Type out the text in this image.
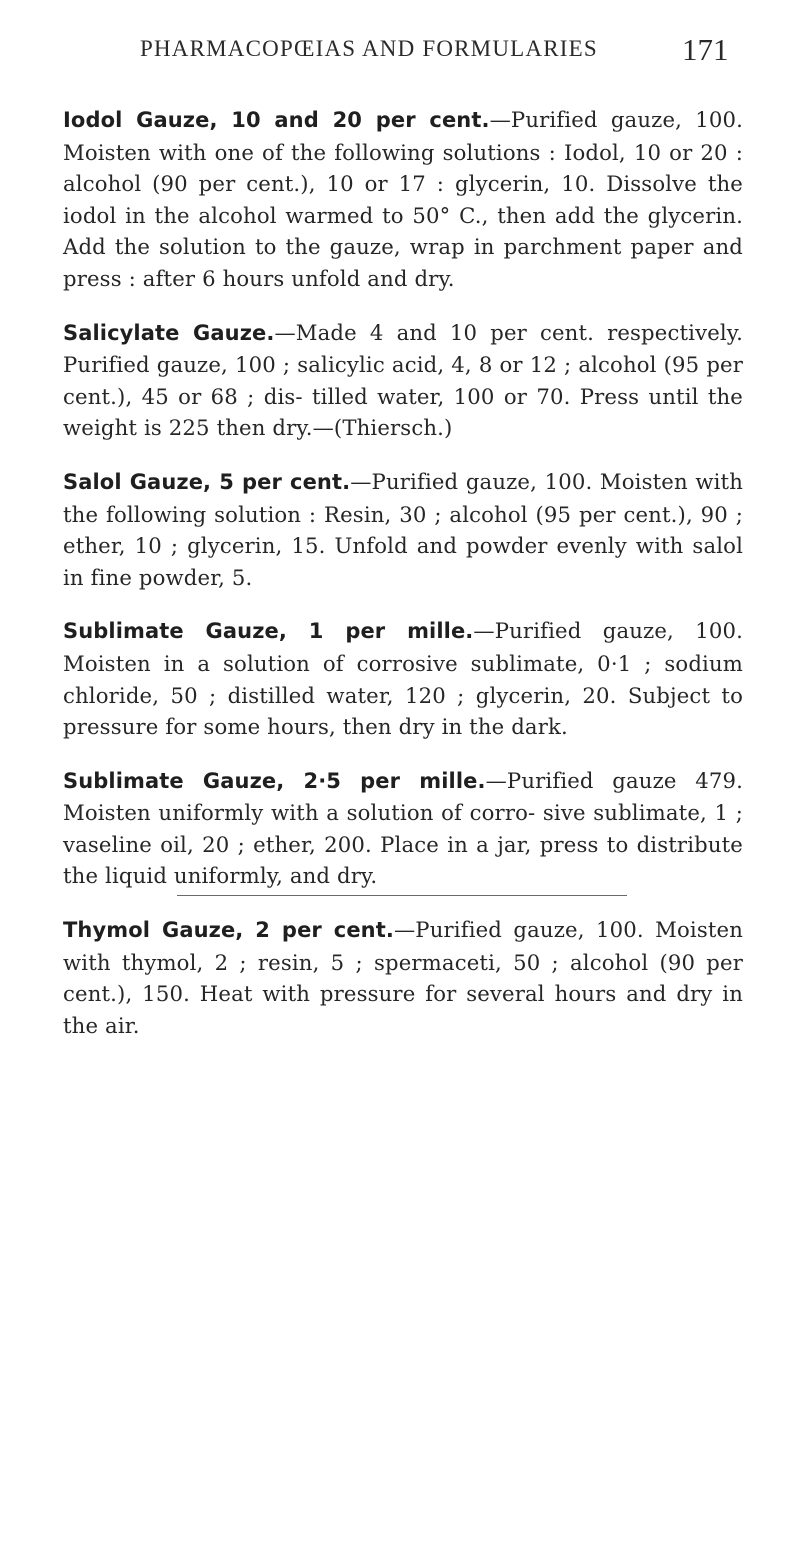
PHARMACOPŒIAS AND FORMULARIES	171

Iodol Gauze, 10 and 20 per cent.—Purified gauze, 100. Moisten with one of the following solutions : Iodol, 10 or 20 : alcohol (90 per cent.), 10 or 17 : glycerin, 10. Dissolve the iodol in the alcohol warmed to 50° C., then add the glycerin. Add the solution to the gauze, wrap in parchment paper and press : after 6 hours unfold and dry.

Salicylate Gauze.—Made 4 and 10 per cent. respectively. Purified gauze, 100 ; salicylic acid, 4, 8 or 12 ; alcohol (95 per cent.), 45 or 68 ; dis- tilled water, 100 or 70. Press until the weight is 225 then dry.—(Thiersch.)

Salol Gauze, 5 per cent.—Purified gauze, 100. Moisten with the following solution : Resin, 30 ; alcohol (95 per cent.), 90 ; ether, 10 ; glycerin, 15. Unfold and powder evenly with salol in fine powder, 5.

Sublimate Gauze, 1 per mille.—Purified gauze, 100. Moisten in a solution of corrosive sublimate, 0·1 ; sodium chloride, 50 ; distilled water, 120 ; glycerin, 20. Subject to pressure for some hours, then dry in the dark.

Sublimate Gauze, 2·5 per mille.—Purified gauze 479. Moisten uniformly with a solution of corro- sive sublimate, 1 ; vaseline oil, 20 ; ether, 200. Place in a jar, press to distribute the liquid uniformly, and dry.

Thymol Gauze, 2 per cent.—Purified gauze, 100. Moisten with thymol, 2 ; resin, 5 ; spermaceti, 50 ; alcohol (90 per cent.), 150. Heat with pressure for several hours and dry in the air.
